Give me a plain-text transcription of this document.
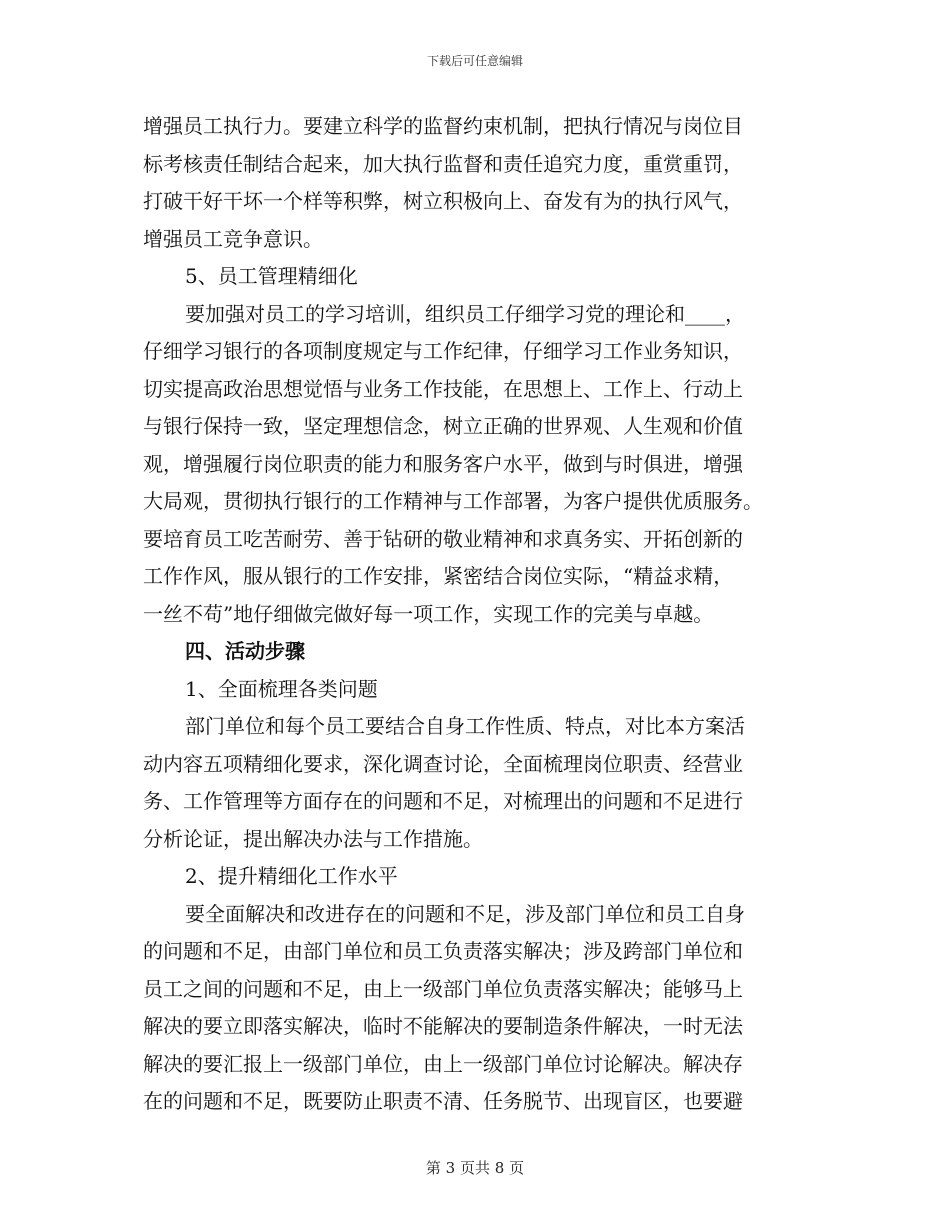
下载后可任意编辑
增强员工执行力。要建立科学的监督约束机制，把执行情况与岗位目
标考核责任制结合起来，加大执行监督和责任追究力度，重赏重罚，
打破干好干坏一个样等积弊，树立积极向上、奋发有为的执行风气，
增强员工竞争意识。
5、员工管理精细化
要加强对员工的学习培训，组织员工仔细学习党的理论和____，
仔细学习银行的各项制度规定与工作纪律，仔细学习工作业务知识，
切实提高政治思想觉悟与业务工作技能，在思想上、工作上、行动上
与银行保持一致，坚定理想信念，树立正确的世界观、人生观和价值
观，增强履行岗位职责的能力和服务客户水平，做到与时俱进，增强
大局观，贯彻执行银行的工作精神与工作部署，为客户提供优质服务。
要培育员工吃苦耐劳、善于钻研的敬业精神和求真务实、开拓创新的
工作作风，服从银行的工作安排，紧密结合岗位实际，“精益求精，
一丝不苟”地仔细做完做好每一项工作，实现工作的完美与卓越。
四、活动步骤
1、全面梳理各类问题
部门单位和每个员工要结合自身工作性质、特点，对比本方案活
动内容五项精细化要求，深化调查讨论，全面梳理岗位职责、经营业
务、工作管理等方面存在的问题和不足，对梳理出的问题和不足进行
分析论证，提出解决办法与工作措施。
2、提升精细化工作水平
要全面解决和改进存在的问题和不足，涉及部门单位和员工自身
的问题和不足，由部门单位和员工负责落实解决；涉及跨部门单位和
员工之间的问题和不足，由上一级部门单位负责落实解决；能够马上
解决的要立即落实解决，临时不能解决的要制造条件解决，一时无法
解决的要汇报上一级部门单位，由上一级部门单位讨论解决。解决存
在的问题和不足，既要防止职责不清、任务脱节、出现盲区，也要避
第 3 页共 8 页
